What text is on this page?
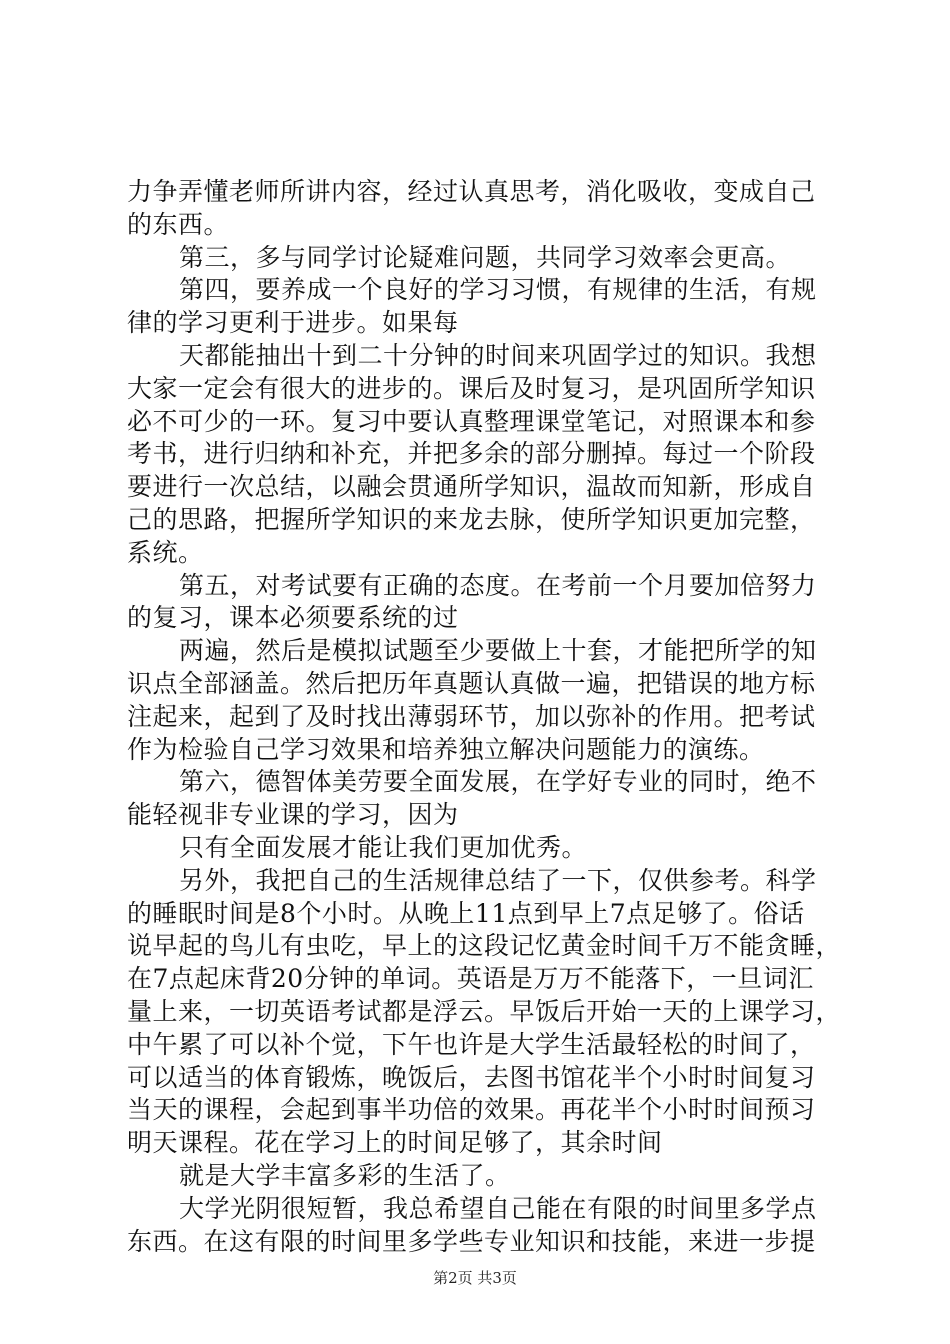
力争弄懂老师所讲内容，经过认真思考，消化吸收，变成自己
的东西。
第三，多与同学讨论疑难问题，共同学习效率会更高。
第四，要养成一个良好的学习习惯，有规律的生活，有规
律的学习更利于进步。如果每
天都能抽出十到二十分钟的时间来巩固学过的知识。我想
大家一定会有很大的进步的。课后及时复习，是巩固所学知识
必不可少的一环。复习中要认真整理课堂笔记，对照课本和参
考书，进行归纳和补充，并把多余的部分删掉。每过一个阶段
要进行一次总结，以融会贯通所学知识，温故而知新，形成自
己的思路，把握所学知识的来龙去脉，使所学知识更加完整，
系统。
第五，对考试要有正确的态度。在考前一个月要加倍努力
的复习，课本必须要系统的过
两遍，然后是模拟试题至少要做上十套，才能把所学的知
识点全部涵盖。然后把历年真题认真做一遍，把错误的地方标
注起来，起到了及时找出薄弱环节，加以弥补的作用。把考试
作为检验自己学习效果和培养独立解决问题能力的演练。
第六，德智体美劳要全面发展，在学好专业的同时，绝不
能轻视非专业课的学习，因为
只有全面发展才能让我们更加优秀。
另外，我把自己的生活规律总结了一下，仅供参考。科学
的睡眠时间是8个小时。从晚上11点到早上7点足够了。俗话
说早起的鸟儿有虫吃，早上的这段记忆黄金时间千万不能贪睡，
在7点起床背20分钟的单词。英语是万万不能落下，一旦词汇
量上来，一切英语考试都是浮云。早饭后开始一天的上课学习，
中午累了可以补个觉，下午也许是大学生活最轻松的时间了，
可以适当的体育锻炼，晚饭后，去图书馆花半个小时时间复习
当天的课程，会起到事半功倍的效果。再花半个小时时间预习
明天课程。花在学习上的时间足够了，其余时间
就是大学丰富多彩的生活了。
大学光阴很短暂，我总希望自己能在有限的时间里多学点
东西。在这有限的时间里多学些专业知识和技能，来进一步提
第2页 共3页
